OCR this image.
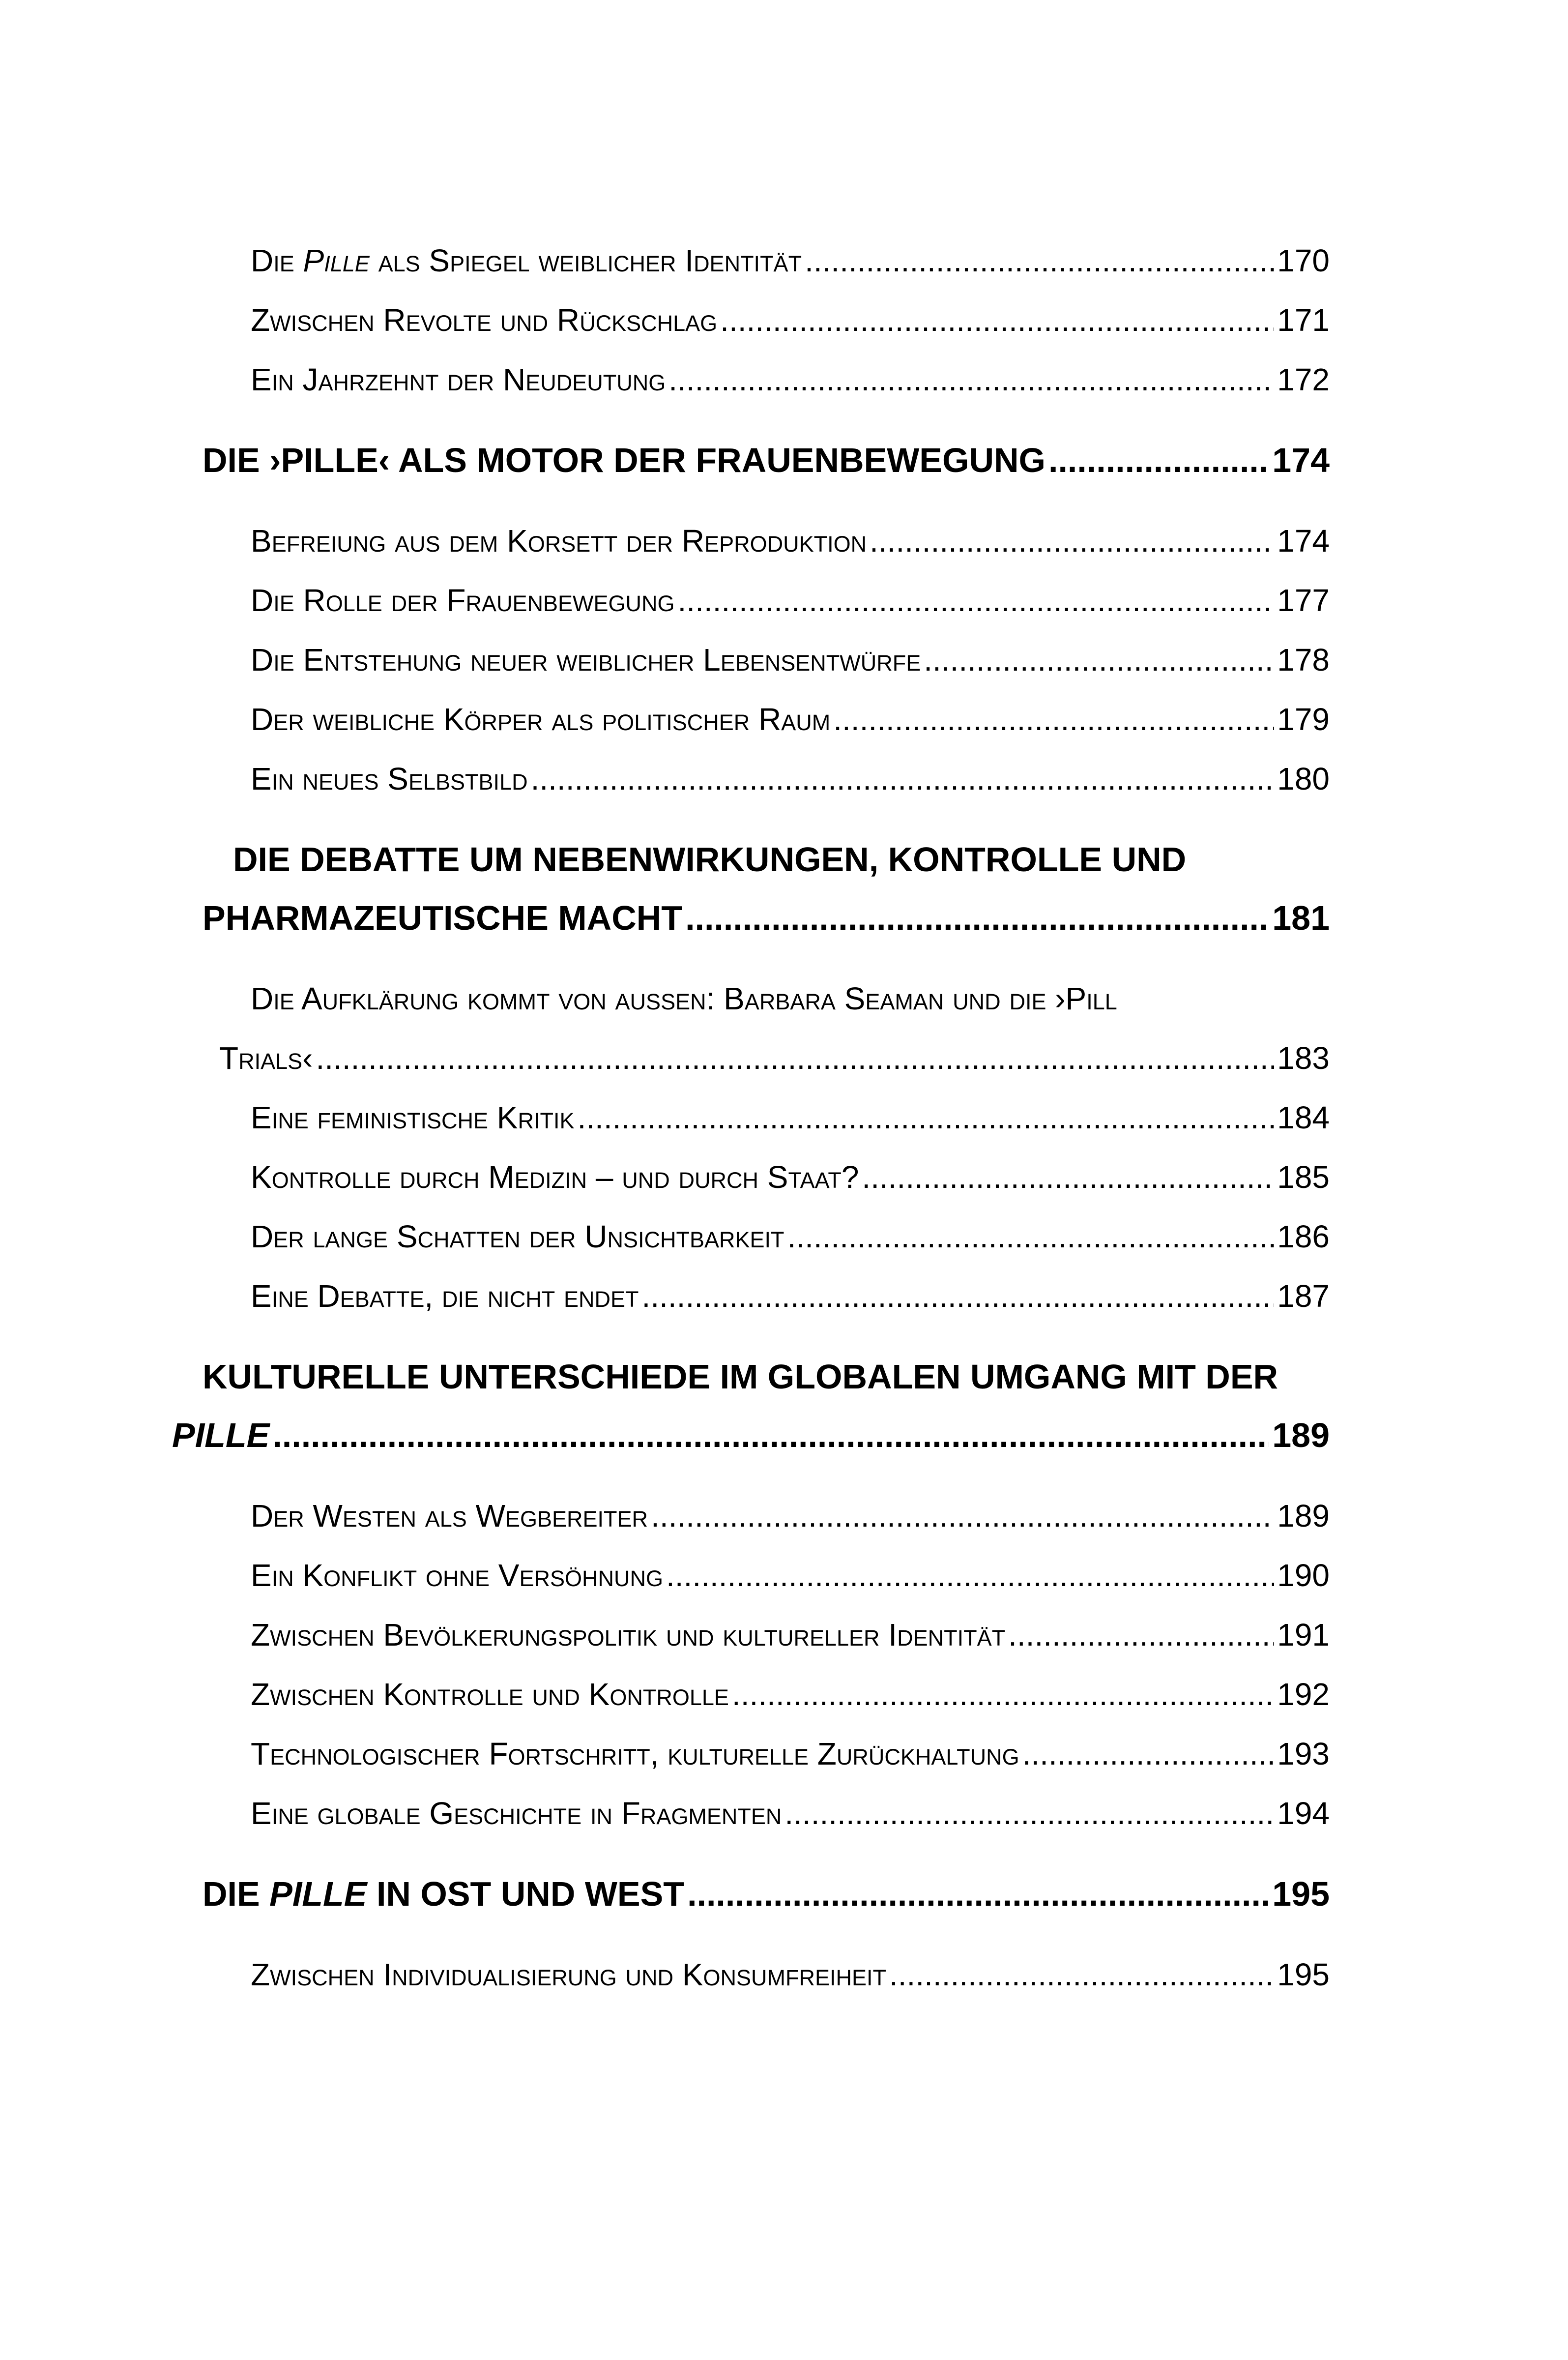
Die Pille als Spiegel weiblicher Identität .....	170
Zwischen Revolte und Rückschlag .....	171
Ein Jahrzehnt der Neudeutung .....	172
DIE ›PILLE‹ ALS MOTOR DER FRAUENBEWEGUNG .....	174
Befreiung aus dem Korsett der Reproduktion .....	174
Die Rolle der Frauenbewegung .....	177
Die Entstehung neuer weiblicher Lebensentwürfe .....	178
Der weibliche Körper als politischer Raum .....	179
Ein neues Selbstbild .....	180
DIE DEBATTE UM NEBENWIRKUNGEN, KONTROLLE UND
PHARMAZEUTISCHE MACHT .....	181
Die Aufklärung kommt von außen: Barbara Seaman und die ›Pill
Trials‹ .....	183
Eine feministische Kritik .....	184
Kontrolle durch Medizin – und durch Staat? .....	185
Der lange Schatten der Unsichtbarkeit .....	186
Eine Debatte, die nicht endet .....	187
KULTURELLE UNTERSCHIEDE IM GLOBALEN UMGANG MIT DER
PILLE .....	189
Der Westen als Wegbereiter .....	189
Ein Konflikt ohne Versöhnung .....	190
Zwischen Bevölkerungspolitik und kultureller Identität .....	191
Zwischen Kontrolle und Kontrolle .....	192
Technologischer Fortschritt, kulturelle Zurückhaltung .....	193
Eine globale Geschichte in Fragmenten .....	194
DIE PILLE IN OST UND WEST .....	195
Zwischen Individualisierung und Konsumfreiheit .....	195
